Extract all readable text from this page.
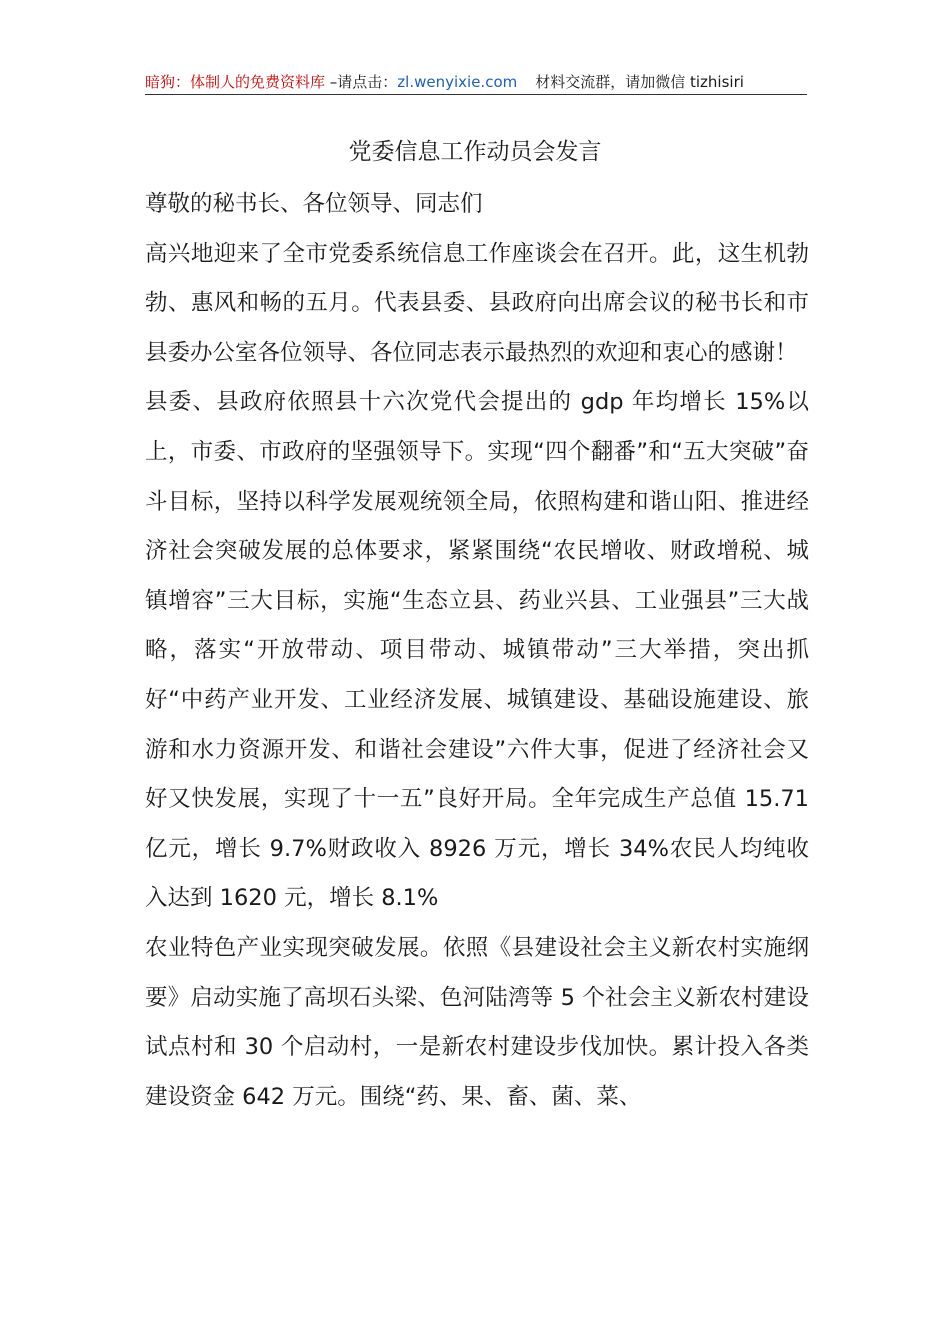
暗狗：体制人的免费资料库 –请点击：zl.wenyixie.com 材料交流群，请加微信 tizhisiri
党委信息工作动员会发言

尊敬的秘书长、各位领导、同志们

高兴地迎来了全市党委系统信息工作座谈会在召开。此，这生机勃勃、惠风和畅的五月。代表县委、县政府向出席会议的秘书长和市县委办公室各位领导、各位同志表示最热烈的欢迎和衷心的感谢！

县委、县政府依照县十六次党代会提出的 gdp 年均增长 15%以上，市委、市政府的坚强领导下。实现“四个翻番”和“五大突破”奋斗目标，坚持以科学发展观统领全局，依照构建和谐山阳、推进经济社会突破发展的总体要求，紧紧围绕“农民增收、财政增税、城镇增容”三大目标，实施“生态立县、药业兴县、工业强县”三大战略，落实“开放带动、项目带动、城镇带动”三大举措，突出抓好“中药产业开发、工业经济发展、城镇建设、基础设施建设、旅游和水力资源开发、和谐社会建设”六件大事，促进了经济社会又好又快发展，实现了十一五”良好开局。全年完成生产总值 15.71 亿元，增长 9.7%财政收入 8926 万元，增长 34%农民人均纯收入达到 1620 元，增长 8.1%

农业特色产业实现突破发展。依照《县建设社会主义新农村实施纲要》启动实施了高坝石头梁、色河陆湾等 5 个社会主义新农村建设试点村和 30 个启动村，一是新农村建设步伐加快。累计投入各类建设资金 642 万元。围绕“药、果、畜、菌、菜、
